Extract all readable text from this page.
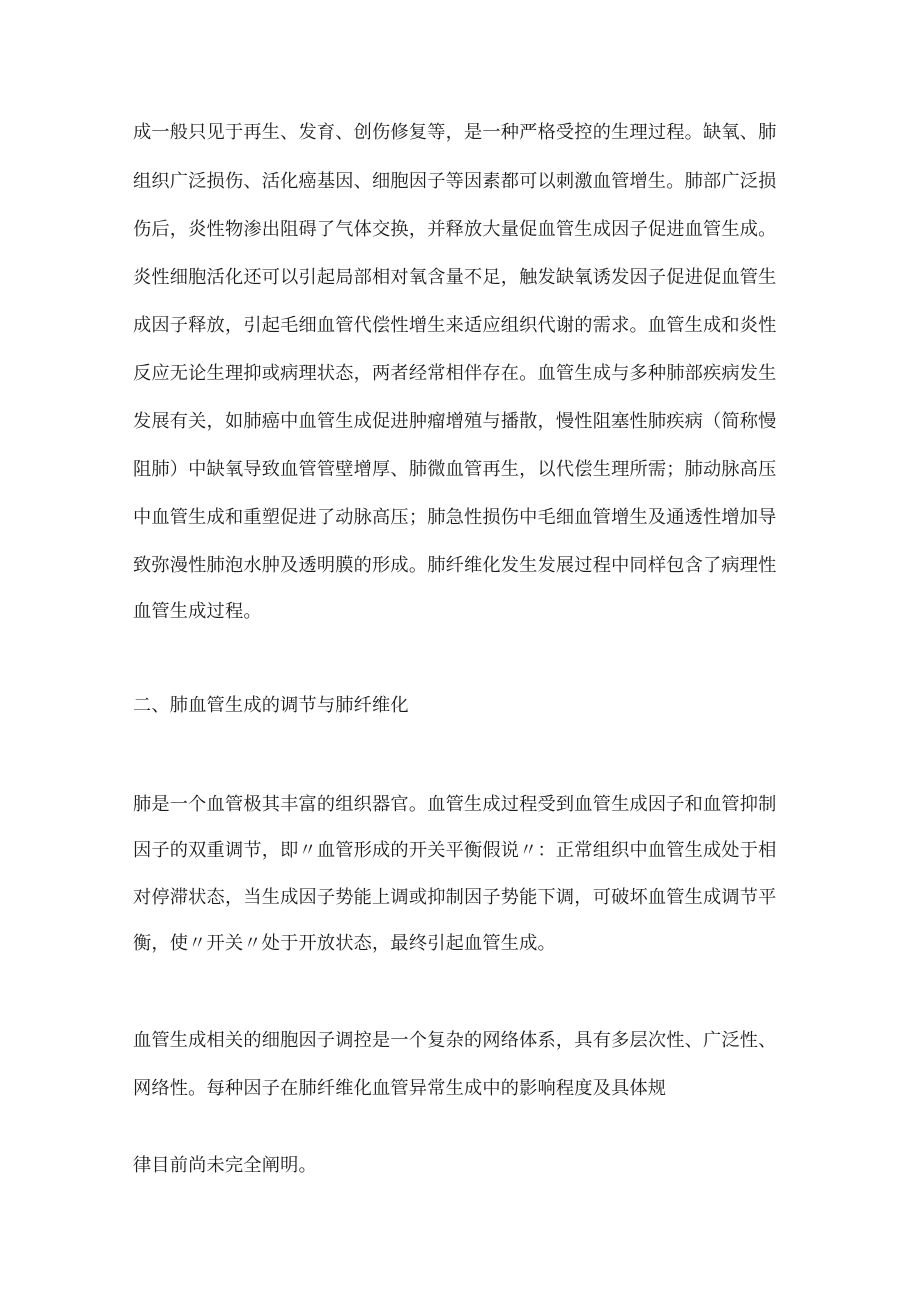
成一般只见于再生、发育、创伤修复等，是一种严格受控的生理过程。缺氧、肺
组织广泛损伤、活化癌基因、细胞因子等因素都可以刺激血管增生。肺部广泛损
伤后，炎性物渗出阻碍了气体交换，并释放大量促血管生成因子促进血管生成。
炎性细胞活化还可以引起局部相对氧含量不足，触发缺氧诱发因子促进促血管生
成因子释放，引起毛细血管代偿性增生来适应组织代谢的需求。血管生成和炎性
反应无论生理抑或病理状态，两者经常相伴存在。血管生成与多种肺部疾病发生
发展有关，如肺癌中血管生成促进肿瘤增殖与播散，慢性阻塞性肺疾病（简称慢
阻肺）中缺氧导致血管管壁增厚、肺微血管再生，以代偿生理所需；肺动脉高压
中血管生成和重塑促进了动脉高压；肺急性损伤中毛细血管增生及通透性增加导
致弥漫性肺泡水肿及透明膜的形成。肺纤维化发生发展过程中同样包含了病理性
血管生成过程。
二、肺血管生成的调节与肺纤维化
肺是一个血管极其丰富的组织器官。血管生成过程受到血管生成因子和血管抑制
因子的双重调节，即〃血管形成的开关平衡假说〃：正常组织中血管生成处于相
对停滞状态，当生成因子势能上调或抑制因子势能下调，可破坏血管生成调节平
衡，使〃开关〃处于开放状态，最终引起血管生成。
血管生成相关的细胞因子调控是一个复杂的网络体系，具有多层次性、广泛性、
网络性。每种因子在肺纤维化血管异常生成中的影响程度及具体规
律目前尚未完全阐明。
